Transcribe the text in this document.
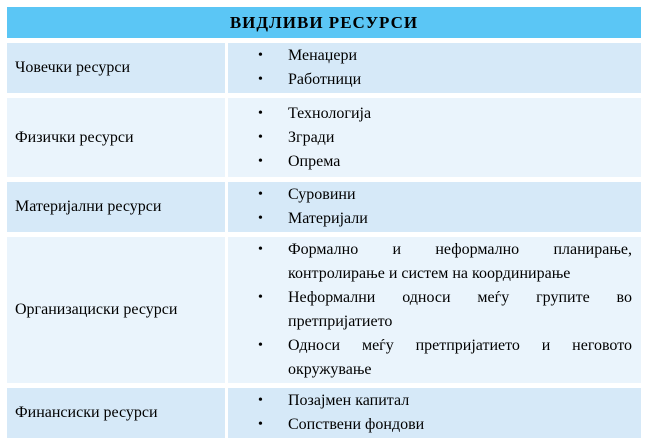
ВИДЛИВИ РЕСУРСИ
Човечки ресурси
•	Менаџери
•	Работници
Физички ресурси
•	Технологија
•	Згради
•	Опрема
Материјални ресурси
•	Суровини
•	Материјали
Организациски ресурси
•	Формално и неформално планирање, контролирање и систем на координирање
•	Неформални односи меѓу групите во претпријатието
•	Односи меѓу претпријатието и неговото окружување
Финансиски ресурси
•	Позајмен капитал
•	Сопствени фондови
